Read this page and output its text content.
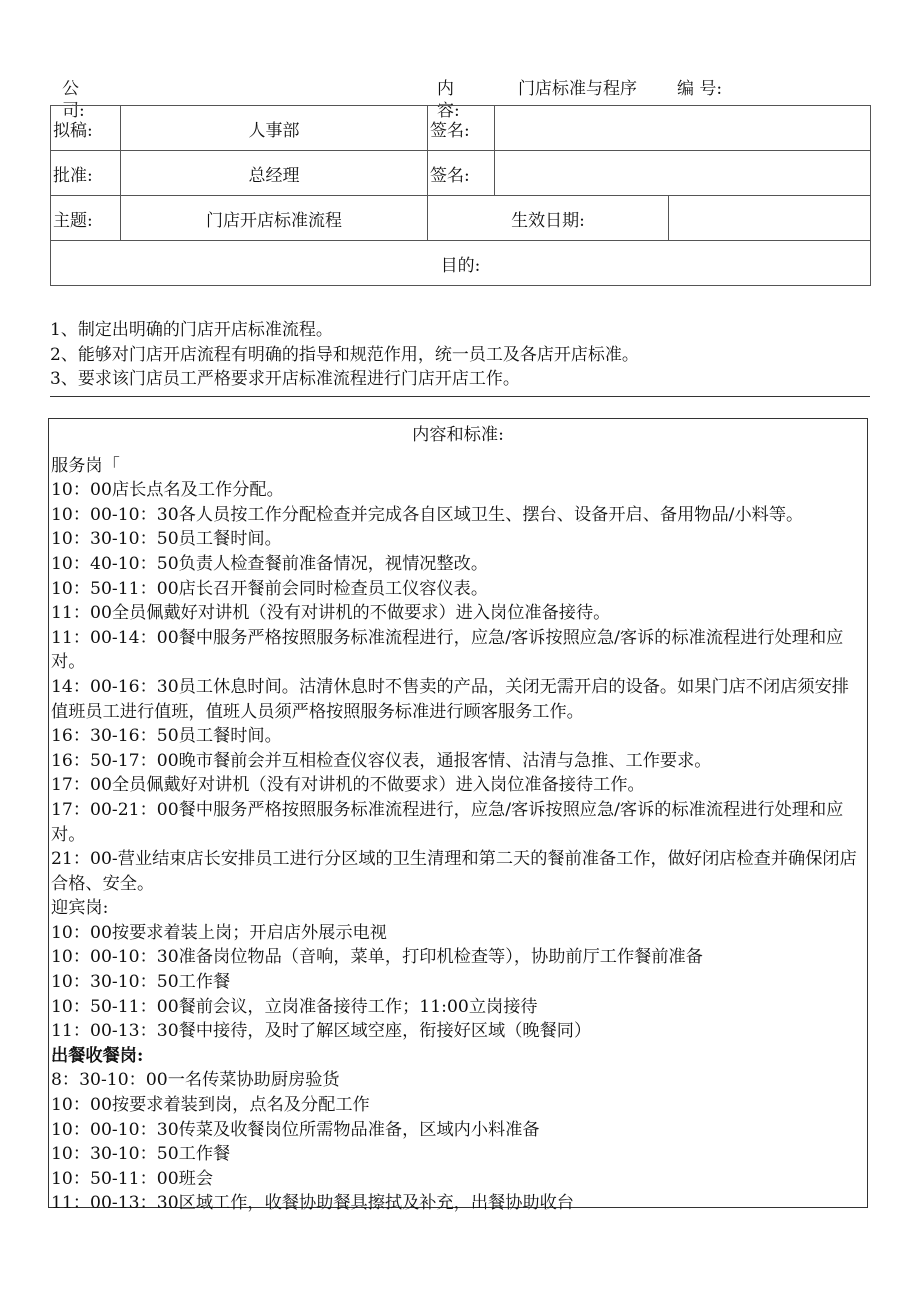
公
司:
内
容:
门店标准与程序 编 号:
拟稿:	人事部	签名:		
批准:	总经理	签名:		
主题:	门店开店标准流程	生效日期:		
目的:				
1、制定出明确的门店开店标准流程。
2、能够对门店开店流程有明确的指导和规范作用，统一员工及各店开店标准。
3、要求该门店员工严格要求开店标准流程进行门店开店工作。
内容和标准:

服务岗「

10：00店长点名及工作分配。

10：00-10：30各人员按工作分配检查并完成各自区域卫生、摆台、设备开启、备用物品/小料等。

10：30-10：50员工餐时间。

10：40-10：50负责人检查餐前准备情况，视情况整改。

10：50-11：00店长召开餐前会同时检查员工仪容仪表。

11：00全员佩戴好对讲机（没有对讲机的不做要求）进入岗位准备接待。

11：00-14：00餐中服务严格按照服务标准流程进行，应急/客诉按照应急/客诉的标准流程进行处理和应对。

14：00-16：30员工休息时间。沽清休息时不售卖的产品，关闭无需开启的设备。如果门店不闭店须安排值班员工进行值班，值班人员须严格按照服务标准进行顾客服务工作。

16：30-16：50员工餐时间。

16：50-17：00晚市餐前会并互相检查仪容仪表，通报客情、沽清与急推、工作要求。

17：00全员佩戴好对讲机（没有对讲机的不做要求）进入岗位准备接待工作。

17：00-21：00餐中服务严格按照服务标准流程进行，应急/客诉按照应急/客诉的标准流程进行处理和应对。

21：00-营业结束店长安排员工进行分区域的卫生清理和第二天的餐前准备工作，做好闭店检查并确保闭店合格、安全。

迎宾岗:

10：00按要求着装上岗；开启店外展示电视

10：00-10：30准备岗位物品（音响，菜单，打印机检查等），协助前厅工作餐前准备

10：30-10：50工作餐

10：50-11：00餐前会议，立岗准备接待工作；11:00立岗接待

11：00-13：30餐中接待，及时了解区域空座，衔接好区域（晚餐同）

出餐收餐岗:

8：30-10：00一名传菜协助厨房验货

10：00按要求着装到岗，点名及分配工作

10：00-10：30传菜及收餐岗位所需物品准备，区域内小料准备

10：30-10：50工作餐

10：50-11：00班会

11：00-13：30区域工作，收餐协助餐具擦拭及补充，出餐协助收台
